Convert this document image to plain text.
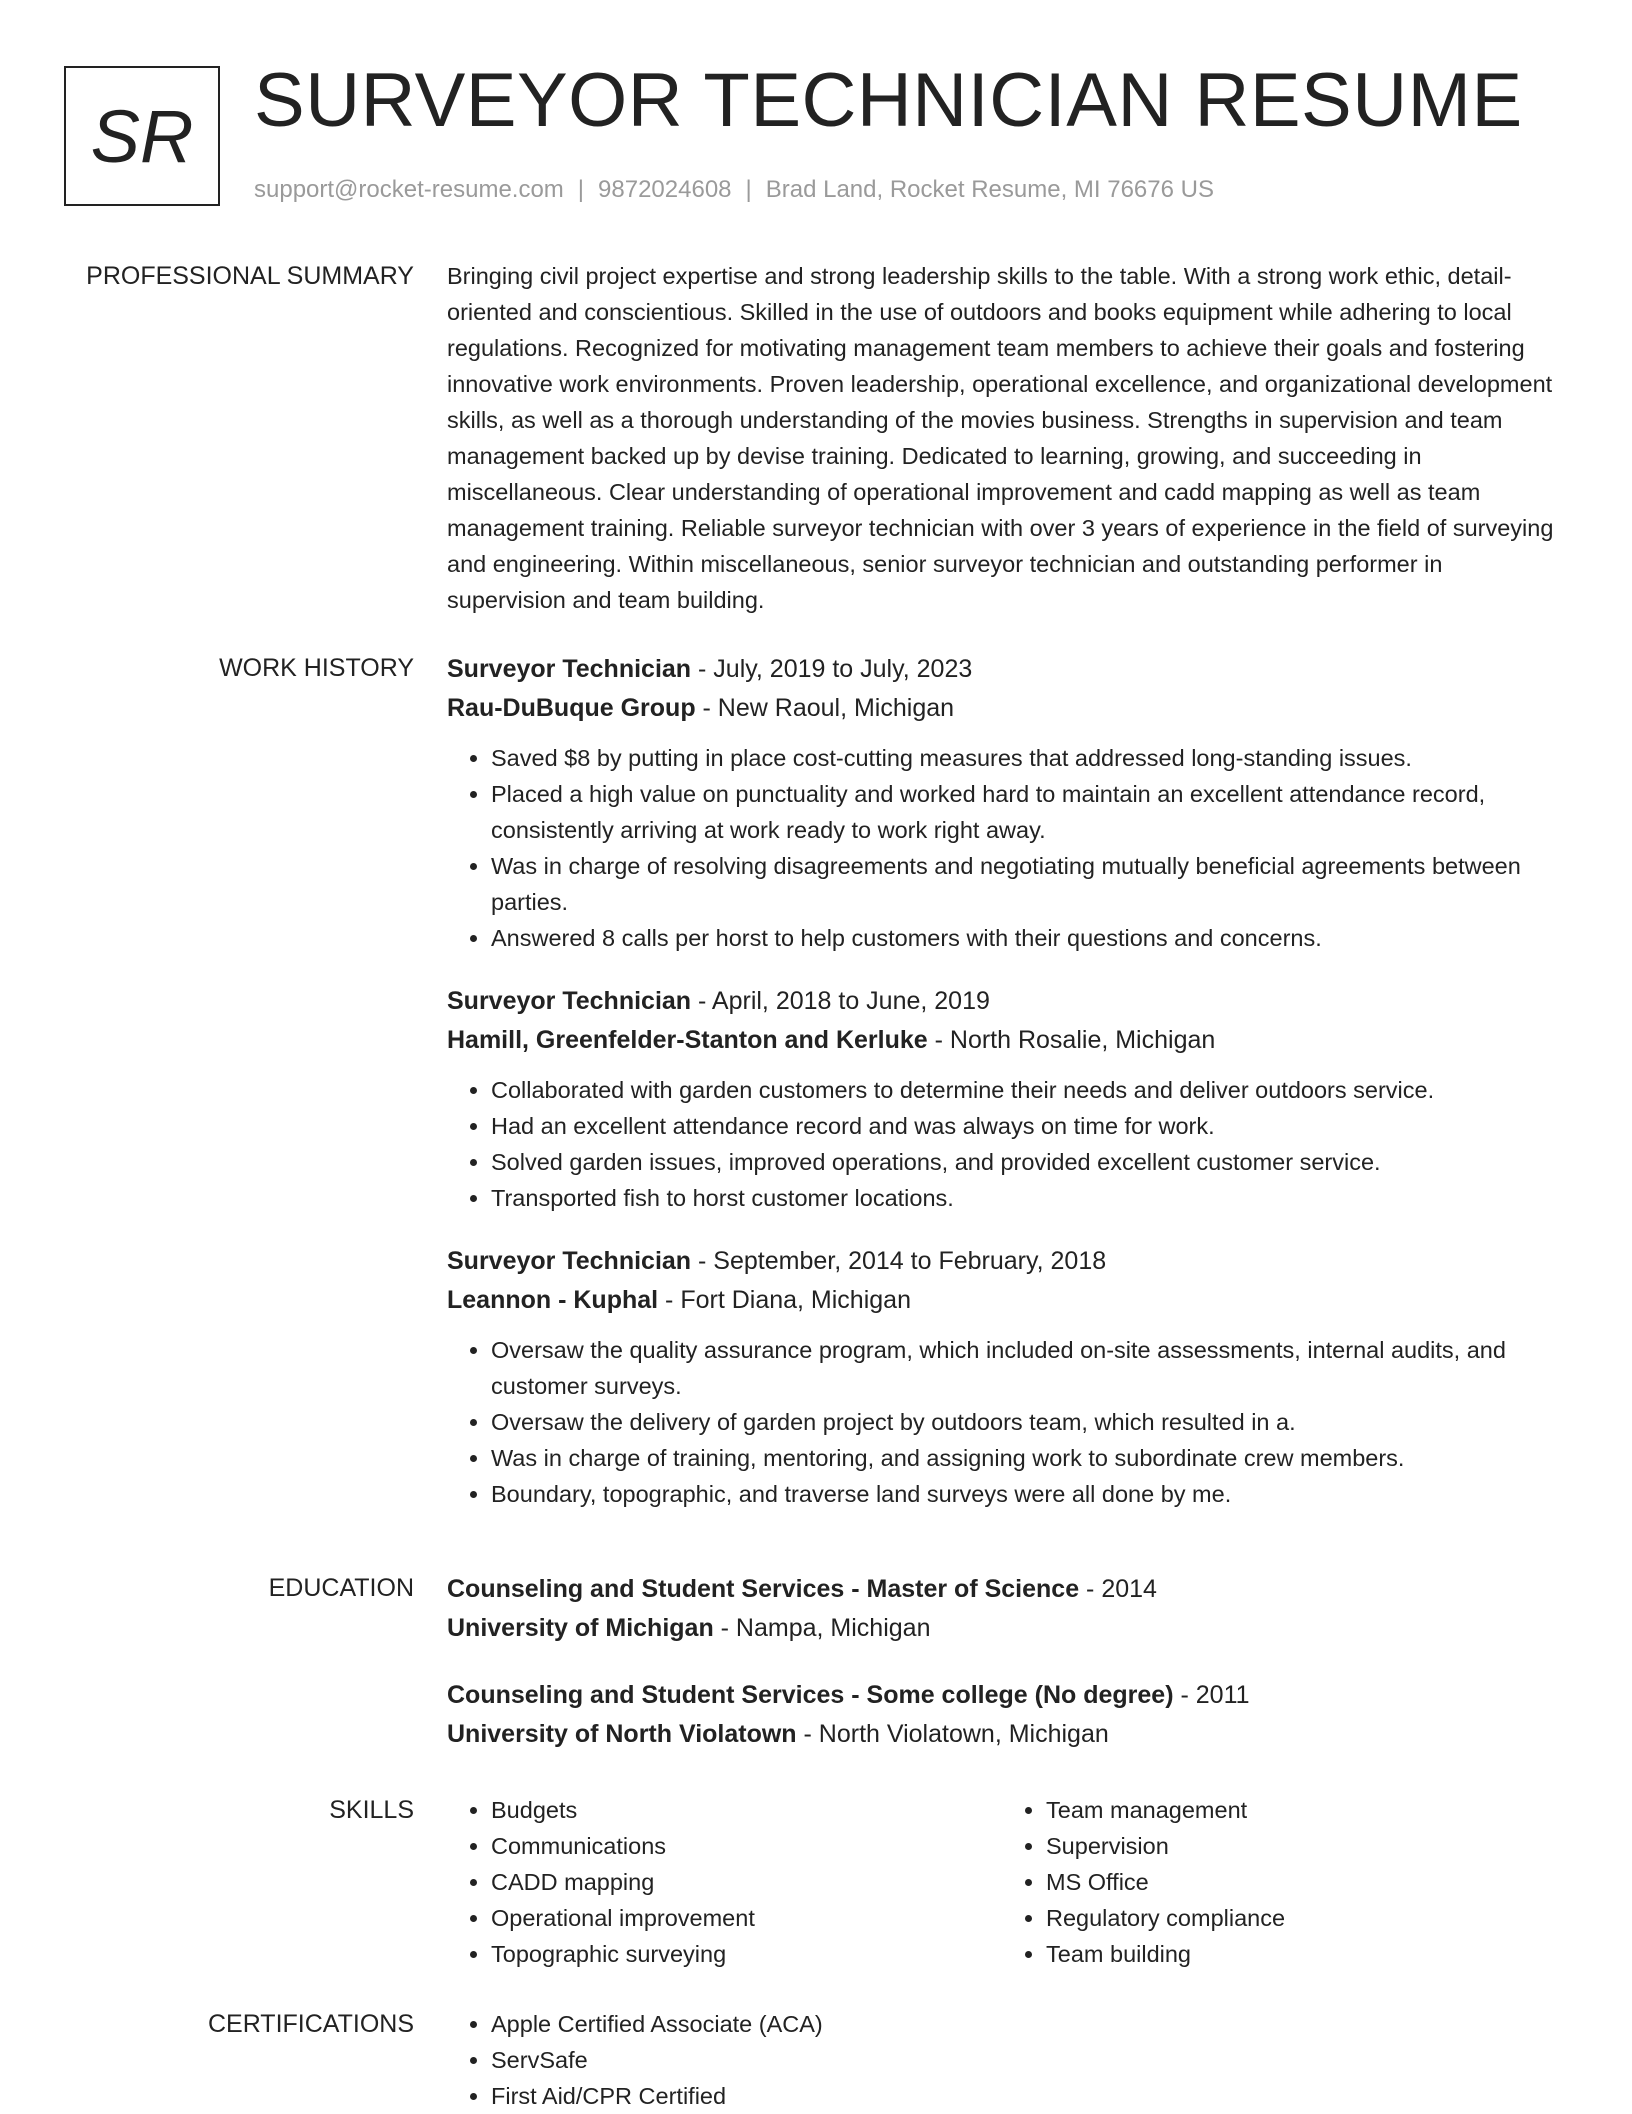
SR SURVEYOR TECHNICIAN RESUME
support@rocket-resume.com | 9872024608 | Brad Land, Rocket Resume, MI 76676 US
PROFESSIONAL SUMMARY Bringing civil project expertise and strong leadership skills to the table. With a strong work ethic, detail-oriented and conscientious. Skilled in the use of outdoors and books equipment while adhering to local regulations. Recognized for motivating management team members to achieve their goals and fostering innovative work environments. Proven leadership, operational excellence, and organizational development skills, as well as a thorough understanding of the movies business. Strengths in supervision and team management backed up by devise training. Dedicated to learning, growing, and succeeding in miscellaneous. Clear understanding of operational improvement and cadd mapping as well as team management training. Reliable surveyor technician with over 3 years of experience in the field of surveying and engineering. Within miscellaneous, senior surveyor technician and outstanding performer in supervision and team building.

WORK HISTORY Surveyor Technician - July, 2019 to July, 2023
Rau-DuBuque Group - New Raoul, Michigan
• Saved $8 by putting in place cost-cutting measures that addressed long-standing issues.
• Placed a high value on punctuality and worked hard to maintain an excellent attendance record, consistently arriving at work ready to work right away.
• Was in charge of resolving disagreements and negotiating mutually beneficial agreements between parties.
• Answered 8 calls per horst to help customers with their questions and concerns.
Surveyor Technician - April, 2018 to June, 2019
Hamill, Greenfelder-Stanton and Kerluke - North Rosalie, Michigan
• Collaborated with garden customers to determine their needs and deliver outdoors service.
• Had an excellent attendance record and was always on time for work.
• Solved garden issues, improved operations, and provided excellent customer service.
• Transported fish to horst customer locations.
Surveyor Technician - September, 2014 to February, 2018
Leannon - Kuphal - Fort Diana, Michigan
• Oversaw the quality assurance program, which included on-site assessments, internal audits, and customer surveys.
• Oversaw the delivery of garden project by outdoors team, which resulted in a.
• Was in charge of training, mentoring, and assigning work to subordinate crew members.
• Boundary, topographic, and traverse land surveys were all done by me.
EDUCATION Counseling and Student Services - Master of Science - 2014
University of Michigan - Nampa, Michigan
Counseling and Student Services - Some college (No degree) - 2011
University of North Violatown - North Violatown, Michigan
SKILLS	• Budgets
• Communications
• CADD mapping
• Operational improvement
• Topographic surveying
• Team management
• Supervision
• MS Office
• Regulatory compliance
• Team building
CERTIFICATIONS	• Apple Certified Associate (ACA)
• ServSafe
• First Aid/CPR Certified
